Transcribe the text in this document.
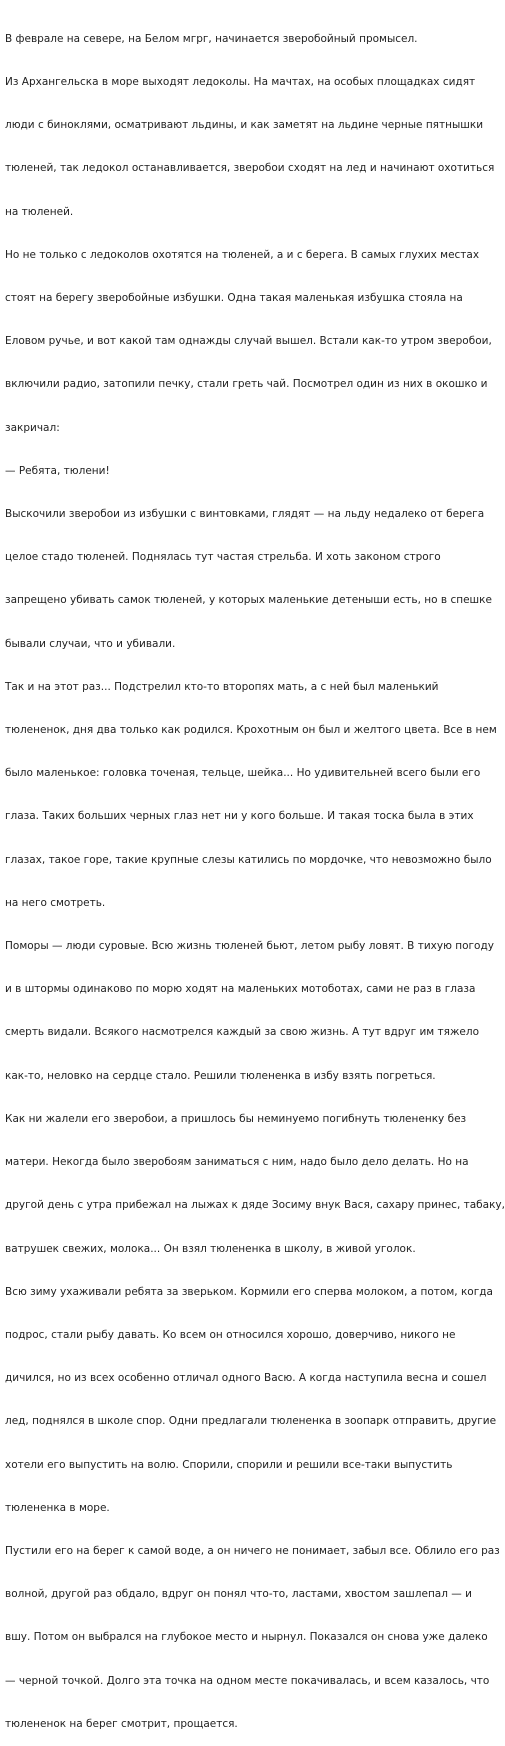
В феврале на севере, на Белом мгрг, начинается зверобойный промысел.

Из Архангельска в море выходят ледоколы. На мачтах, на особых площадках сидят

люди с биноклями, осматривают льдины, и как заметят на льдине черные пятнышки

тюленей, так ледокол останавливается, зверобои сходят на лед и начинают охотиться

на тюленей.

Но не только с ледоколов охотятся на тюленей, а и с берега. В самых глухих местах

стоят на берегу зверобойные избушки. Одна такая маленькая избушка стояла на

Еловом ручье, и вот какой там однажды случай вышел. Встали как-то утром зверобои,

включили радио, затопили печку, стали греть чай. Посмотрел один из них в окошко и

закричал:

— Ребята, тюлени!

Выскочили зверобои из избушки с винтовками, глядят — на льду недалеко от берега

целое стадо тюленей. Поднялась тут частая стрельба. И хоть законом строго

запрещено убивать самок тюленей, у которых маленькие детеныши есть, но в спешке

бывали случаи, что и убивали.

Так и на этот раз... Подстрелил кто-то второпях мать, а с ней был маленький

тюлененок, дня два только как родился. Крохотным он был и желтого цвета. Все в нем

было маленькое: головка точеная, тельце, шейка... Но удивительней всего были его

глаза. Таких больших черных глаз нет ни у кого больше. И такая тоска была в этих

глазах, такое горе, такие крупные слезы катились по мордочке, что невозможно было

на него смотреть.

Поморы — люди суровые. Всю жизнь тюленей бьют, летом рыбу ловят. В тихую погоду

и в штормы одинаково по морю ходят на маленьких мотоботах, сами не раз в глаза

смерть видали. Всякого насмотрелся каждый за свою жизнь. А тут вдруг им тяжело

как-то, неловко на сердце стало. Решили тюлененка в избу взять погреться.

Как ни жалели его зверобои, а пришлось бы неминуемо погибнуть тюлененку без

матери. Некогда было зверобоям заниматься с ним, надо было дело делать. Но на

другой день с утра прибежал на лыжах к дяде Зосиму внук Вася, сахару принес, табаку,

ватрушек свежих, молока... Он взял тюлененка в школу, в живой уголок.

Всю зиму ухаживали ребята за зверьком. Кормили его сперва молоком, а потом, когда

подрос, стали рыбу давать. Ко всем он относился хорошо, доверчиво, никого не

дичился, но из всех особенно отличал одного Васю. А когда наступила весна и сошел

лед, поднялся в школе спор. Одни предлагали тюлененка в зоопарк отправить, другие

хотели его выпустить на волю. Спорили, спорили и решили все-таки выпустить

тюлененка в море.

Пустили его на берег к самой воде, а он ничего не понимает, забыл все. Облило его раз

волной, другой раз обдало, вдруг он понял что-то, ластами, хвостом зашлепал — и

вшу. Потом он выбрался на глубокое место и нырнул. Показался он снова уже далеко

— черной точкой. Долго эта точка на одном месте покачивалась, и всем казалось, что

тюлененок на берег смотрит, прощается.
